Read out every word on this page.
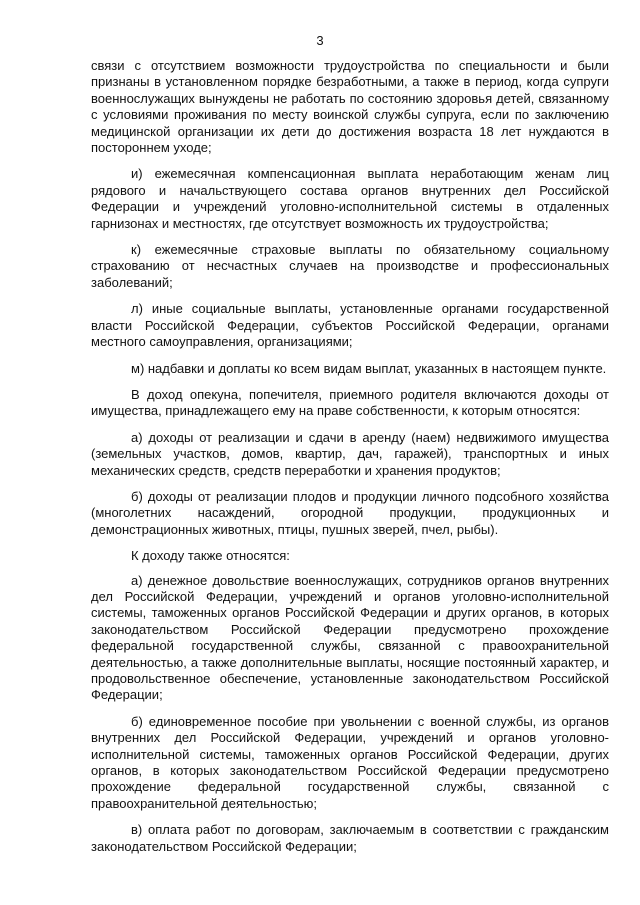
3

связи с отсутствием возможности трудоустройства по специальности и были признаны в установленном порядке безработными, а также в период, когда супруги военнослужащих вынуждены не работать по состоянию здоровья детей, связанному с условиями проживания по месту воинской службы супруга, если по заключению медицинской организации их дети до достижения возраста 18 лет нуждаются в постороннем уходе;

и) ежемесячная компенсационная выплата неработающим женам лиц рядового и начальствующего состава органов внутренних дел Российской Федерации и учреждений уголовно-исполнительной системы в отдаленных гарнизонах и местностях, где отсутствует возможность их трудоустройства;

к) ежемесячные страховые выплаты по обязательному социальному страхованию от несчастных случаев на производстве и профессиональных заболеваний;

л) иные социальные выплаты, установленные органами государственной власти Российской Федерации, субъектов Российской Федерации, органами местного самоуправления, организациями;

м) надбавки и доплаты ко всем видам выплат, указанных в настоящем пункте.

В доход опекуна, попечителя, приемного родителя включаются доходы от имущества, принадлежащего ему на праве собственности, к которым относятся:

а) доходы от реализации и сдачи в аренду (наем) недвижимого имущества (земельных участков, домов, квартир, дач, гаражей), транспортных и иных механических средств, средств переработки и хранения продуктов;

б) доходы от реализации плодов и продукции личного подсобного хозяйства (многолетних насаждений, огородной продукции, продукционных и демонстрационных животных, птицы, пушных зверей, пчел, рыбы).

К доходу также относятся:

а) денежное довольствие военнослужащих, сотрудников органов внутренних дел Российской Федерации, учреждений и органов уголовно-исполнительной системы, таможенных органов Российской Федерации и других органов, в которых законодательством Российской Федерации предусмотрено прохождение федеральной государственной службы, связанной с правоохранительной деятельностью, а также дополнительные выплаты, носящие постоянный характер, и продовольственное обеспечение, установленные законодательством Российской Федерации;

б) единовременное пособие при увольнении с военной службы, из органов внутренних дел Российской Федерации, учреждений и органов уголовно-исполнительной системы, таможенных органов Российской Федерации, других органов, в которых законодательством Российской Федерации предусмотрено прохождение федеральной государственной службы, связанной с правоохранительной деятельностью;

в) оплата работ по договорам, заключаемым в соответствии с гражданским законодательством Российской Федерации;
